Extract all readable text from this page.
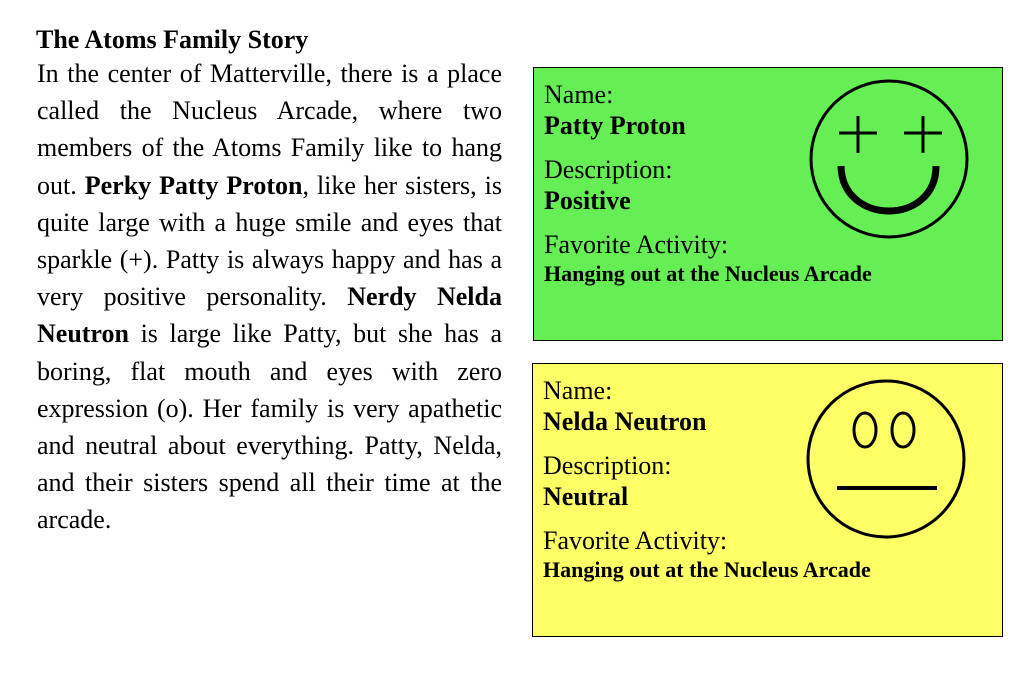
The Atoms Family Story
In the center of Matterville, there is a place called the Nucleus Arcade, where two members of the Atoms Family like to hang out. Perky Patty Proton, like her sisters, is quite large with a huge smile and eyes that sparkle (+). Patty is always happy and has a very positive personality. Nerdy Nelda Neutron is large like Patty, but she has a boring, flat mouth and eyes with zero expression (o). Her family is very apathetic and neutral about everything. Patty, Nelda, and their sisters spend all their time at the arcade.
Name:
Patty Proton
Description:
Positive
Favorite Activity:
Hanging out at the Nucleus Arcade
Name:
Nelda Neutron
Description:
Neutral
Favorite Activity:
Hanging out at the Nucleus Arcade
